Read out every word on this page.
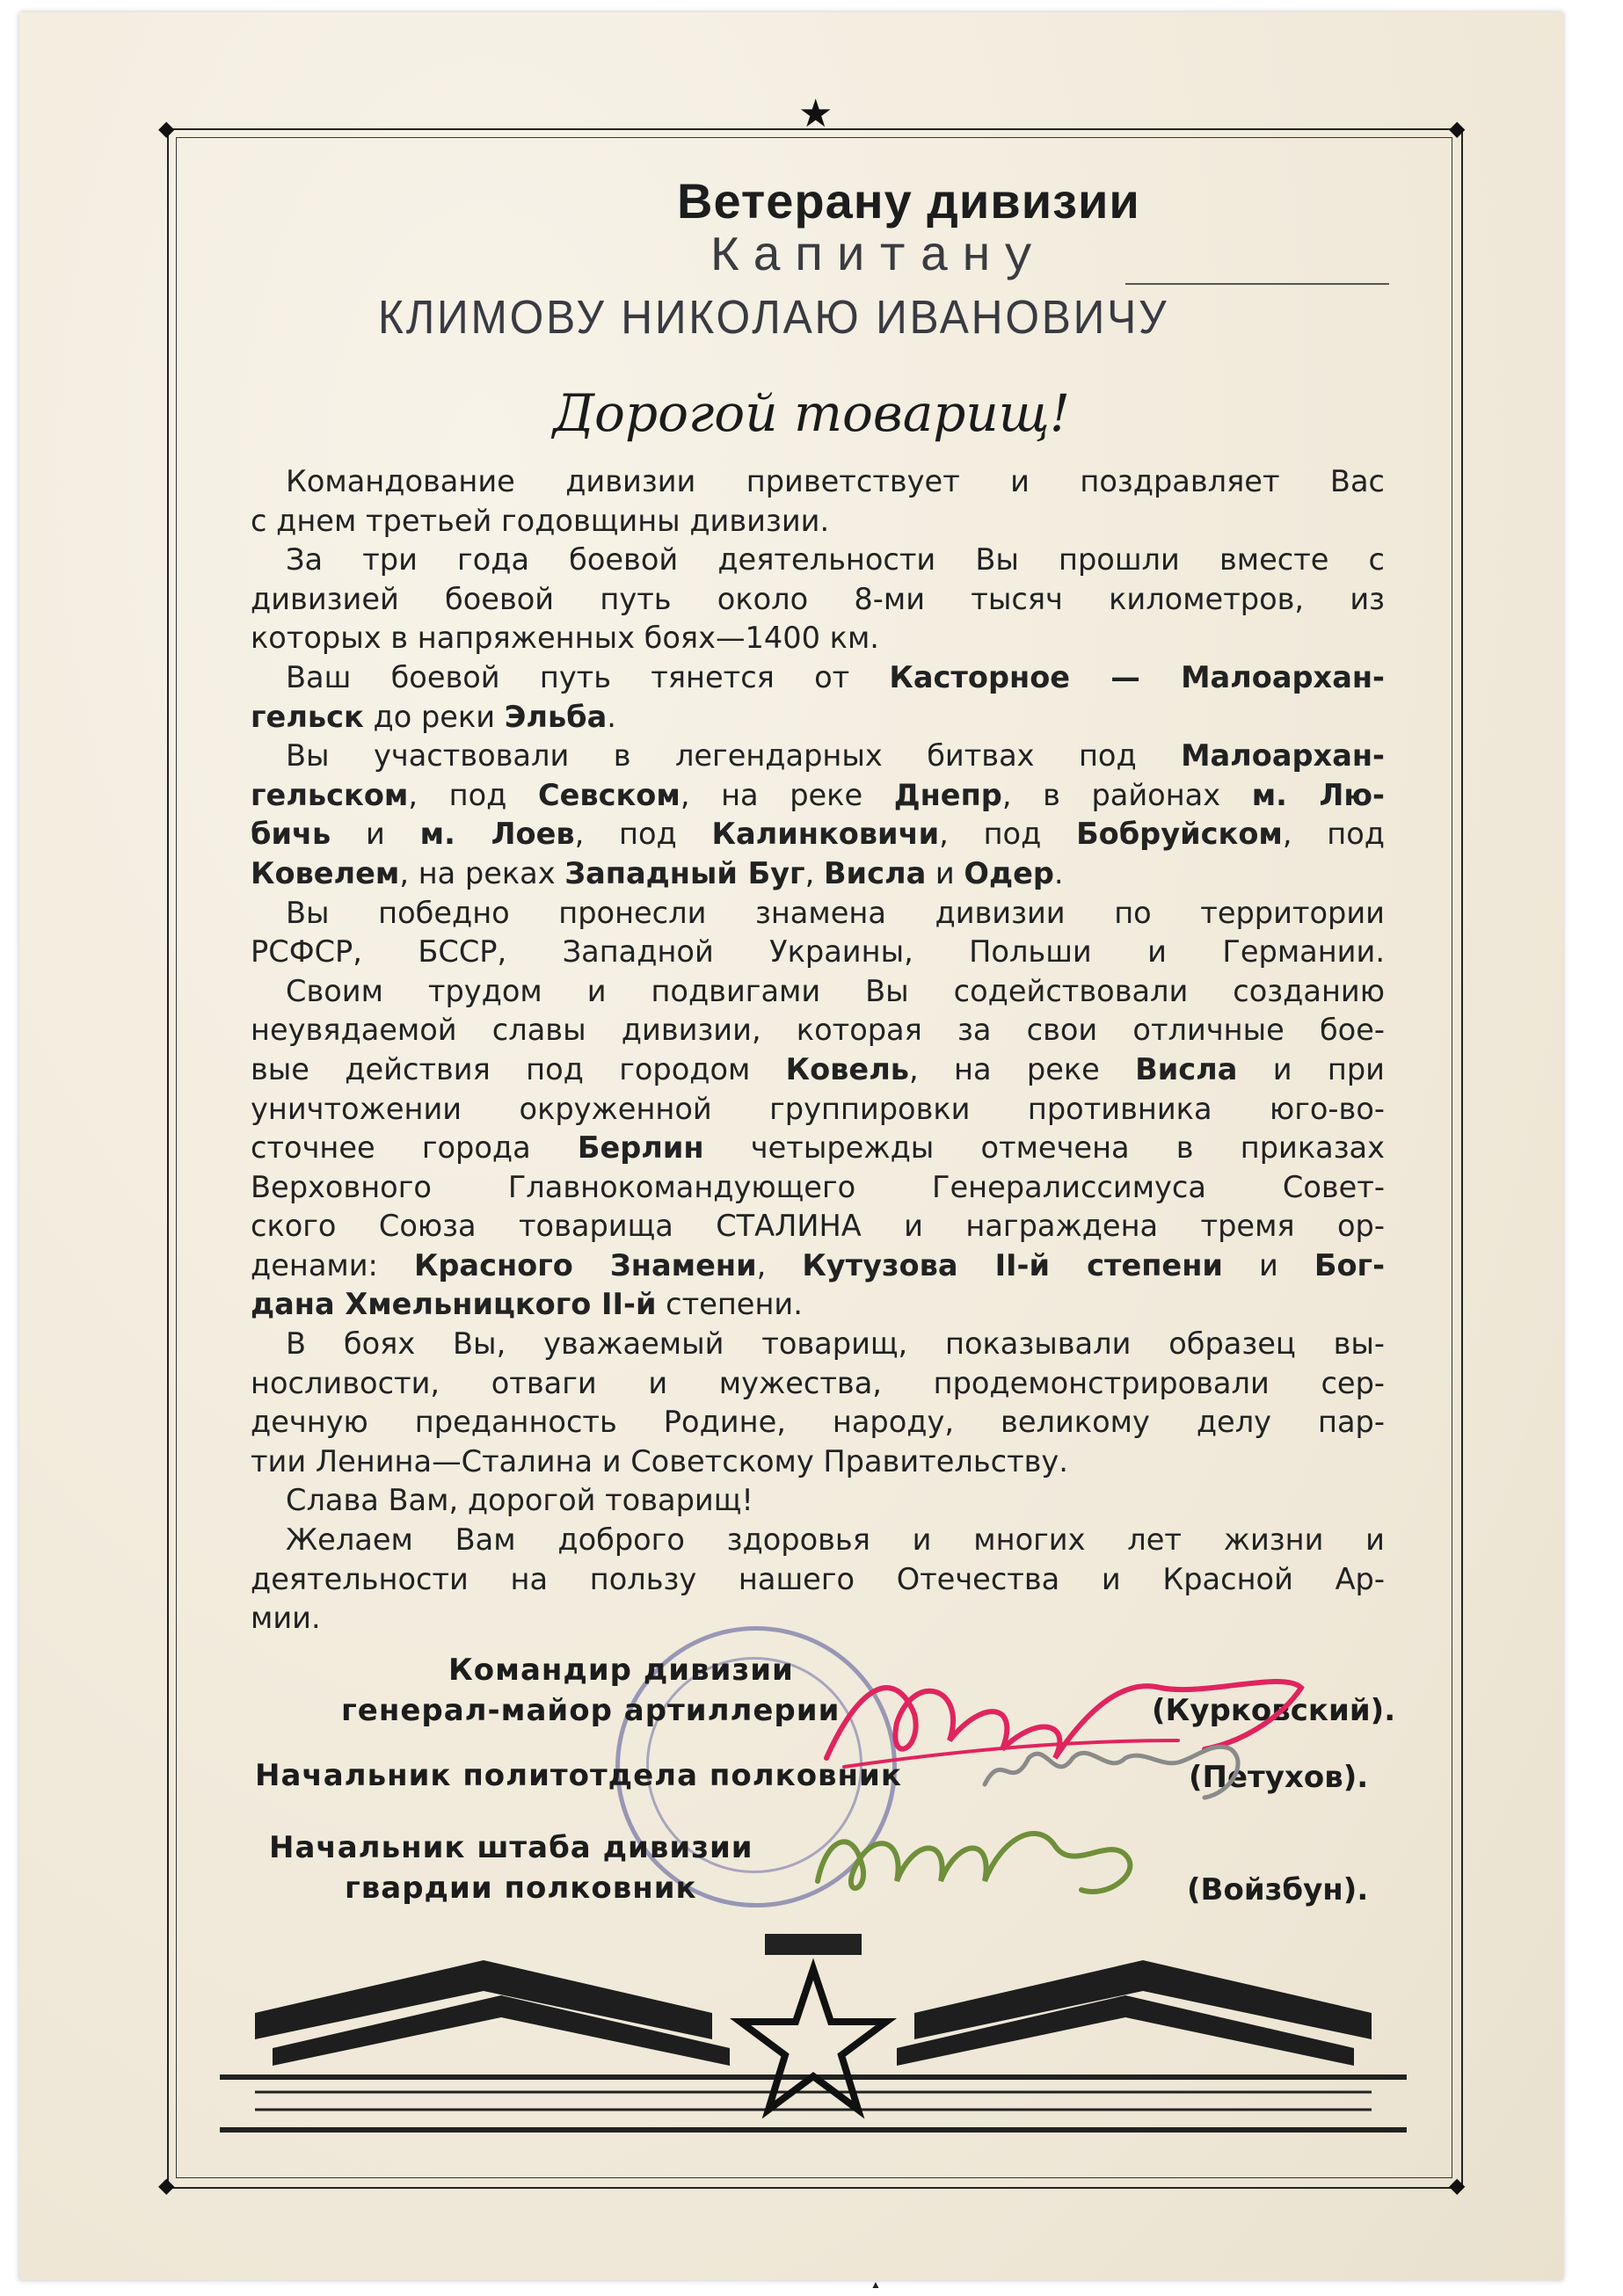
◆	◆
◆	◆
★
Ветерану дивизии
Капитану
КЛИМОВУ НИКОЛАЮ ИВАНОВИЧУ
Дорогой товарищ!
Командование дивизии приветствует и поздравляет Вас
с днем третьей годовщины дивизии.
За три года боевой деятельности Вы прошли вместе с
дивизией боевой путь около 8-ми тысяч километров, из
которых в напряженных боях—1400 км.
Ваш боевой путь тянется от Касторное — Малоархан-
гельск до реки Эльба.
Вы участвовали в легендарных битвах под Малоархан-
гельском, под Севском, на реке Днепр, в районах м. Лю-
бичь и м. Лоев, под Калинковичи, под Бобруйском, под
Ковелем, на реках Западный Буг, Висла и Одер.
Вы победно пронесли знамена дивизии по территории
РСФСР, БССР, Западной Украины, Польши и Германии.
Своим трудом и подвигами Вы содействовали созданию
неувядаемой славы дивизии, которая за свои отличные бое-
вые действия под городом Ковель, на реке Висла и при
уничтожении окруженной группировки противника юго-во-
сточнее города Берлин четырежды отмечена в приказах
Верховного Главнокомандующего Генералиссимуса Совет-
ского Союза товарища СТАЛИНА и награждена тремя ор-
денами: Красного Знамени, Кутузова II-й степени и Бог-
дана Хмельницкого II-й степени.
В боях Вы, уважаемый товарищ, показывали образец вы-
носливости, отваги и мужества, продемонстрировали сер-
дечную преданность Родине, народу, великому делу пар-
тии Ленина—Сталина и Советскому Правительству.
Слава Вам, дорогой товарищ!
Желаем Вам доброго здоровья и многих лет жизни и
деятельности на пользу нашего Отечества и Красной Ар-
мии.
Командир дивизии
генерал-майор артиллерии	(Курковский).
Начальник политотдела полковник	(Петухов).
Начальник штаба дивизии
гвардии полковник	(Войзбун).
▲
